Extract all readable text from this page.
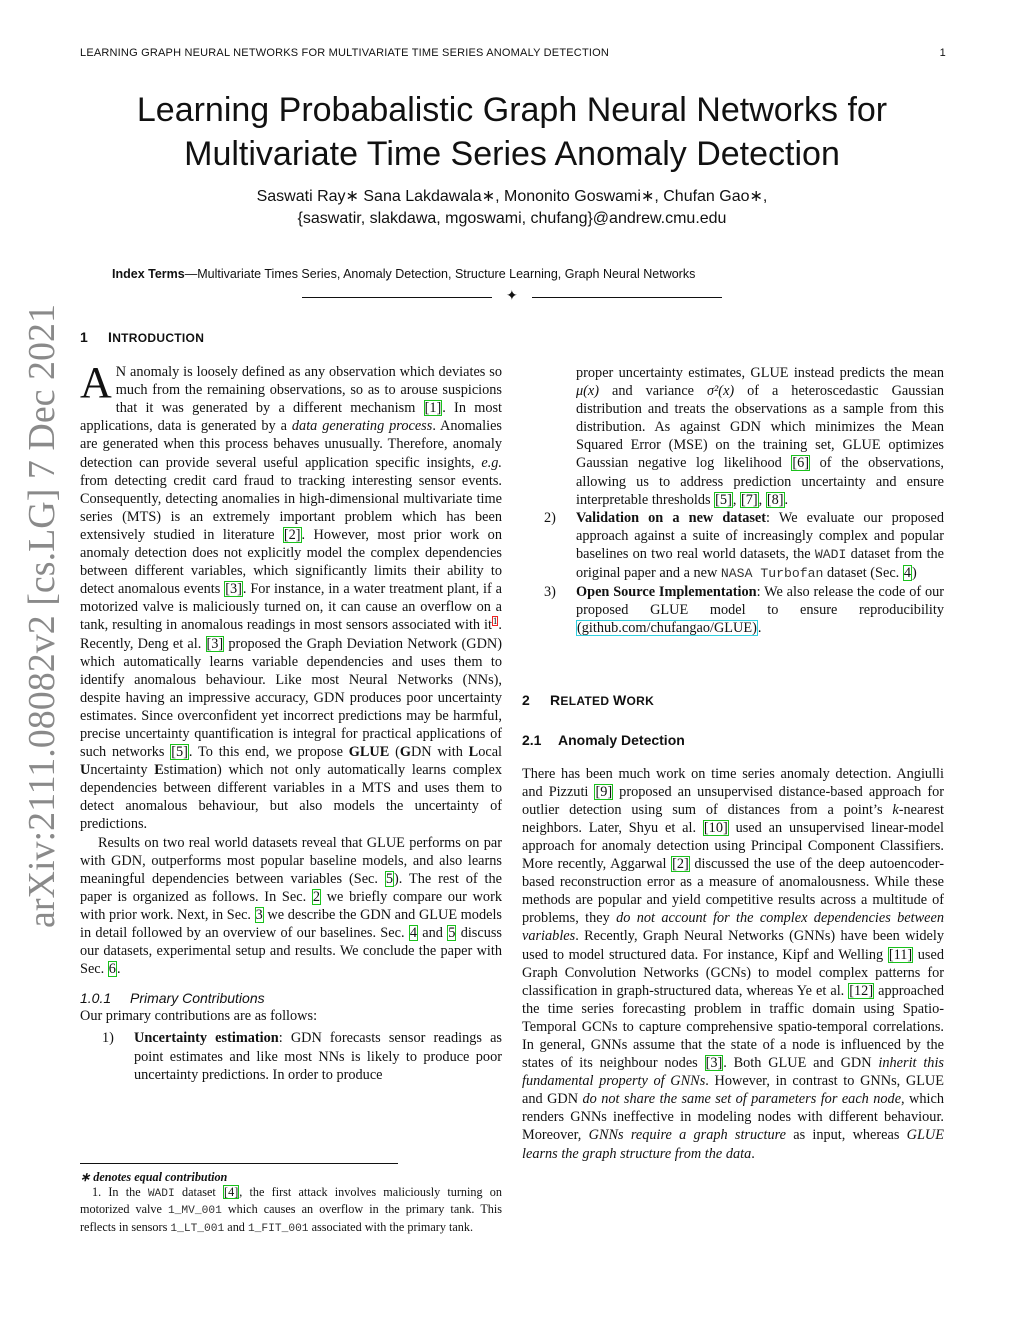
LEARNING GRAPH NEURAL NETWORKS FOR MULTIVARIATE TIME SERIES ANOMALY DETECTION	1
arXiv:2111.08082v2 [cs.LG] 7 Dec 2021
Learning Probabalistic Graph Neural Networks for
Multivariate Time Series Anomaly Detection
Saswati Ray∗ Sana Lakdawala∗, Mononito Goswami∗, Chufan Gao∗,
{saswatir, slakdawa, mgoswami, chufang}@andrew.cmu.edu
Index Terms—Multivariate Times Series, Anomaly Detection, Structure Learning, Graph Neural Networks
✦
1 INTRODUCTION

A N anomaly is loosely defined as any observation which deviates so much from the remaining observations, so as to arouse suspicions that it was generated by a different mechanism [1]. In most applications, data is generated by a data generating process. Anomalies are generated when this process behaves unusually. Therefore, anomaly detection can provide several useful application specific insights, e.g. from detecting credit card fraud to tracking interesting sensor events. Consequently, detecting anomalies in high-dimensional multivariate time series (MTS) is an extremely important problem which has been extensively studied in literature [2]. However, most prior work on anomaly detection does not explicitly model the complex dependencies between different variables, which significantly limits their ability to detect anomalous events [3]. For instance, in a water treatment plant, if a motorized valve is maliciously turned on, it can cause an overflow on a tank, resulting in anomalous readings in most sensors associated with it$^1$. Recently, Deng et al. [3] proposed the Graph Deviation Network (GDN) which automatically learns variable dependencies and uses them to identify anomalous behaviour. Like most Neural Networks (NNs), despite having an impressive accuracy, GDN produces poor uncertainty estimates. Since overconfident yet incorrect predictions may be harmful, precise uncertainty quantification is integral for practical applications of such networks [5]. To this end, we propose GLUE (GDN with Local Uncertainty Estimation) which not only automatically learns complex dependencies between different variables in a MTS and uses them to detect anomalous behaviour, but also models the uncertainty of predictions.

Results on two real world datasets reveal that GLUE performs on par with GDN, outperforms most popular baseline models, and also learns meaningful dependencies between variables (Sec. 5). The rest of the paper is organized as follows. In Sec. 2 we briefly compare our work with prior work. Next, in Sec. 3 we describe the GDN and GLUE models in detail followed by an overview of our baselines. Sec. 4 and 5 discuss our datasets, experimental setup and results. We conclude the paper with Sec. 6.

1.0.1 Primary Contributions

Our primary contributions are as follows:

1) Uncertainty estimation: GDN forecasts sensor readings as point estimates and like most NNs is likely to produce poor uncertainty predictions. In order to produce
proper uncertainty estimates, GLUE instead predicts the mean μ(x) and variance σ²(x) of a heteroscedastic Gaussian distribution and treats the observations as a sample from this distribution. As against GDN which minimizes the Mean Squared Error (MSE) on the training set, GLUE optimizes Gaussian negative log likelihood [6] of the observations, allowing us to address prediction uncertainty and ensure interpretable thresholds [5], [7], [8].
2) Validation on a new dataset: We evaluate our proposed approach against a suite of increasingly complex and popular baselines on two real world datasets, the WADI dataset from the original paper and a new NASA Turbofan dataset (Sec. 4)
3) Open Source Implementation: We also release the code of our proposed GLUE model to ensure reproducibility (github.com/chufangao/GLUE).
2 RELATED WORK
2.1 Anomaly Detection

There has been much work on time series anomaly detection. Angiulli and Pizzuti [9] proposed an unsupervised distance-based approach for outlier detection using sum of distances from a point’s k-nearest neighbors. Later, Shyu et al. [10] used an unsupervised linear-model approach for anomaly detection using Principal Component Classifiers. More recently, Aggarwal [2] discussed the use of the deep autoencoder-based reconstruction error as a measure of anomalousness. While these methods are popular and yield competitive results across a multitude of problems, they do not account for the complex dependencies between variables. Recently, Graph Neural Networks (GNNs) have been widely used to model structured data. For instance, Kipf and Welling [11] used Graph Convolution Networks (GCNs) to model complex patterns for classification in graph-structured data, whereas Ye et al. [12] approached the time series forecasting problem in traffic domain using Spatio-Temporal GCNs to capture comprehensive spatio-temporal correlations. In general, GNNs assume that the state of a node is influenced by the states of its neighbour nodes [3]. Both GLUE and GDN inherit this fundamental property of GNNs. However, in contrast to GNNs, GLUE and GDN do not share the same set of parameters for each node, which renders GNNs ineffective in modeling nodes with different behaviour. Moreover, GNNs require a graph structure as input, whereas GLUE learns the graph structure from the data.

∗ denotes equal contribution

1. In the WADI dataset [4], the first attack involves maliciously turning on motorized valve 1_MV_001 which causes an overflow in the primary tank. This reflects in sensors 1_LT_001 and 1_FIT_001 associated with the primary tank.
